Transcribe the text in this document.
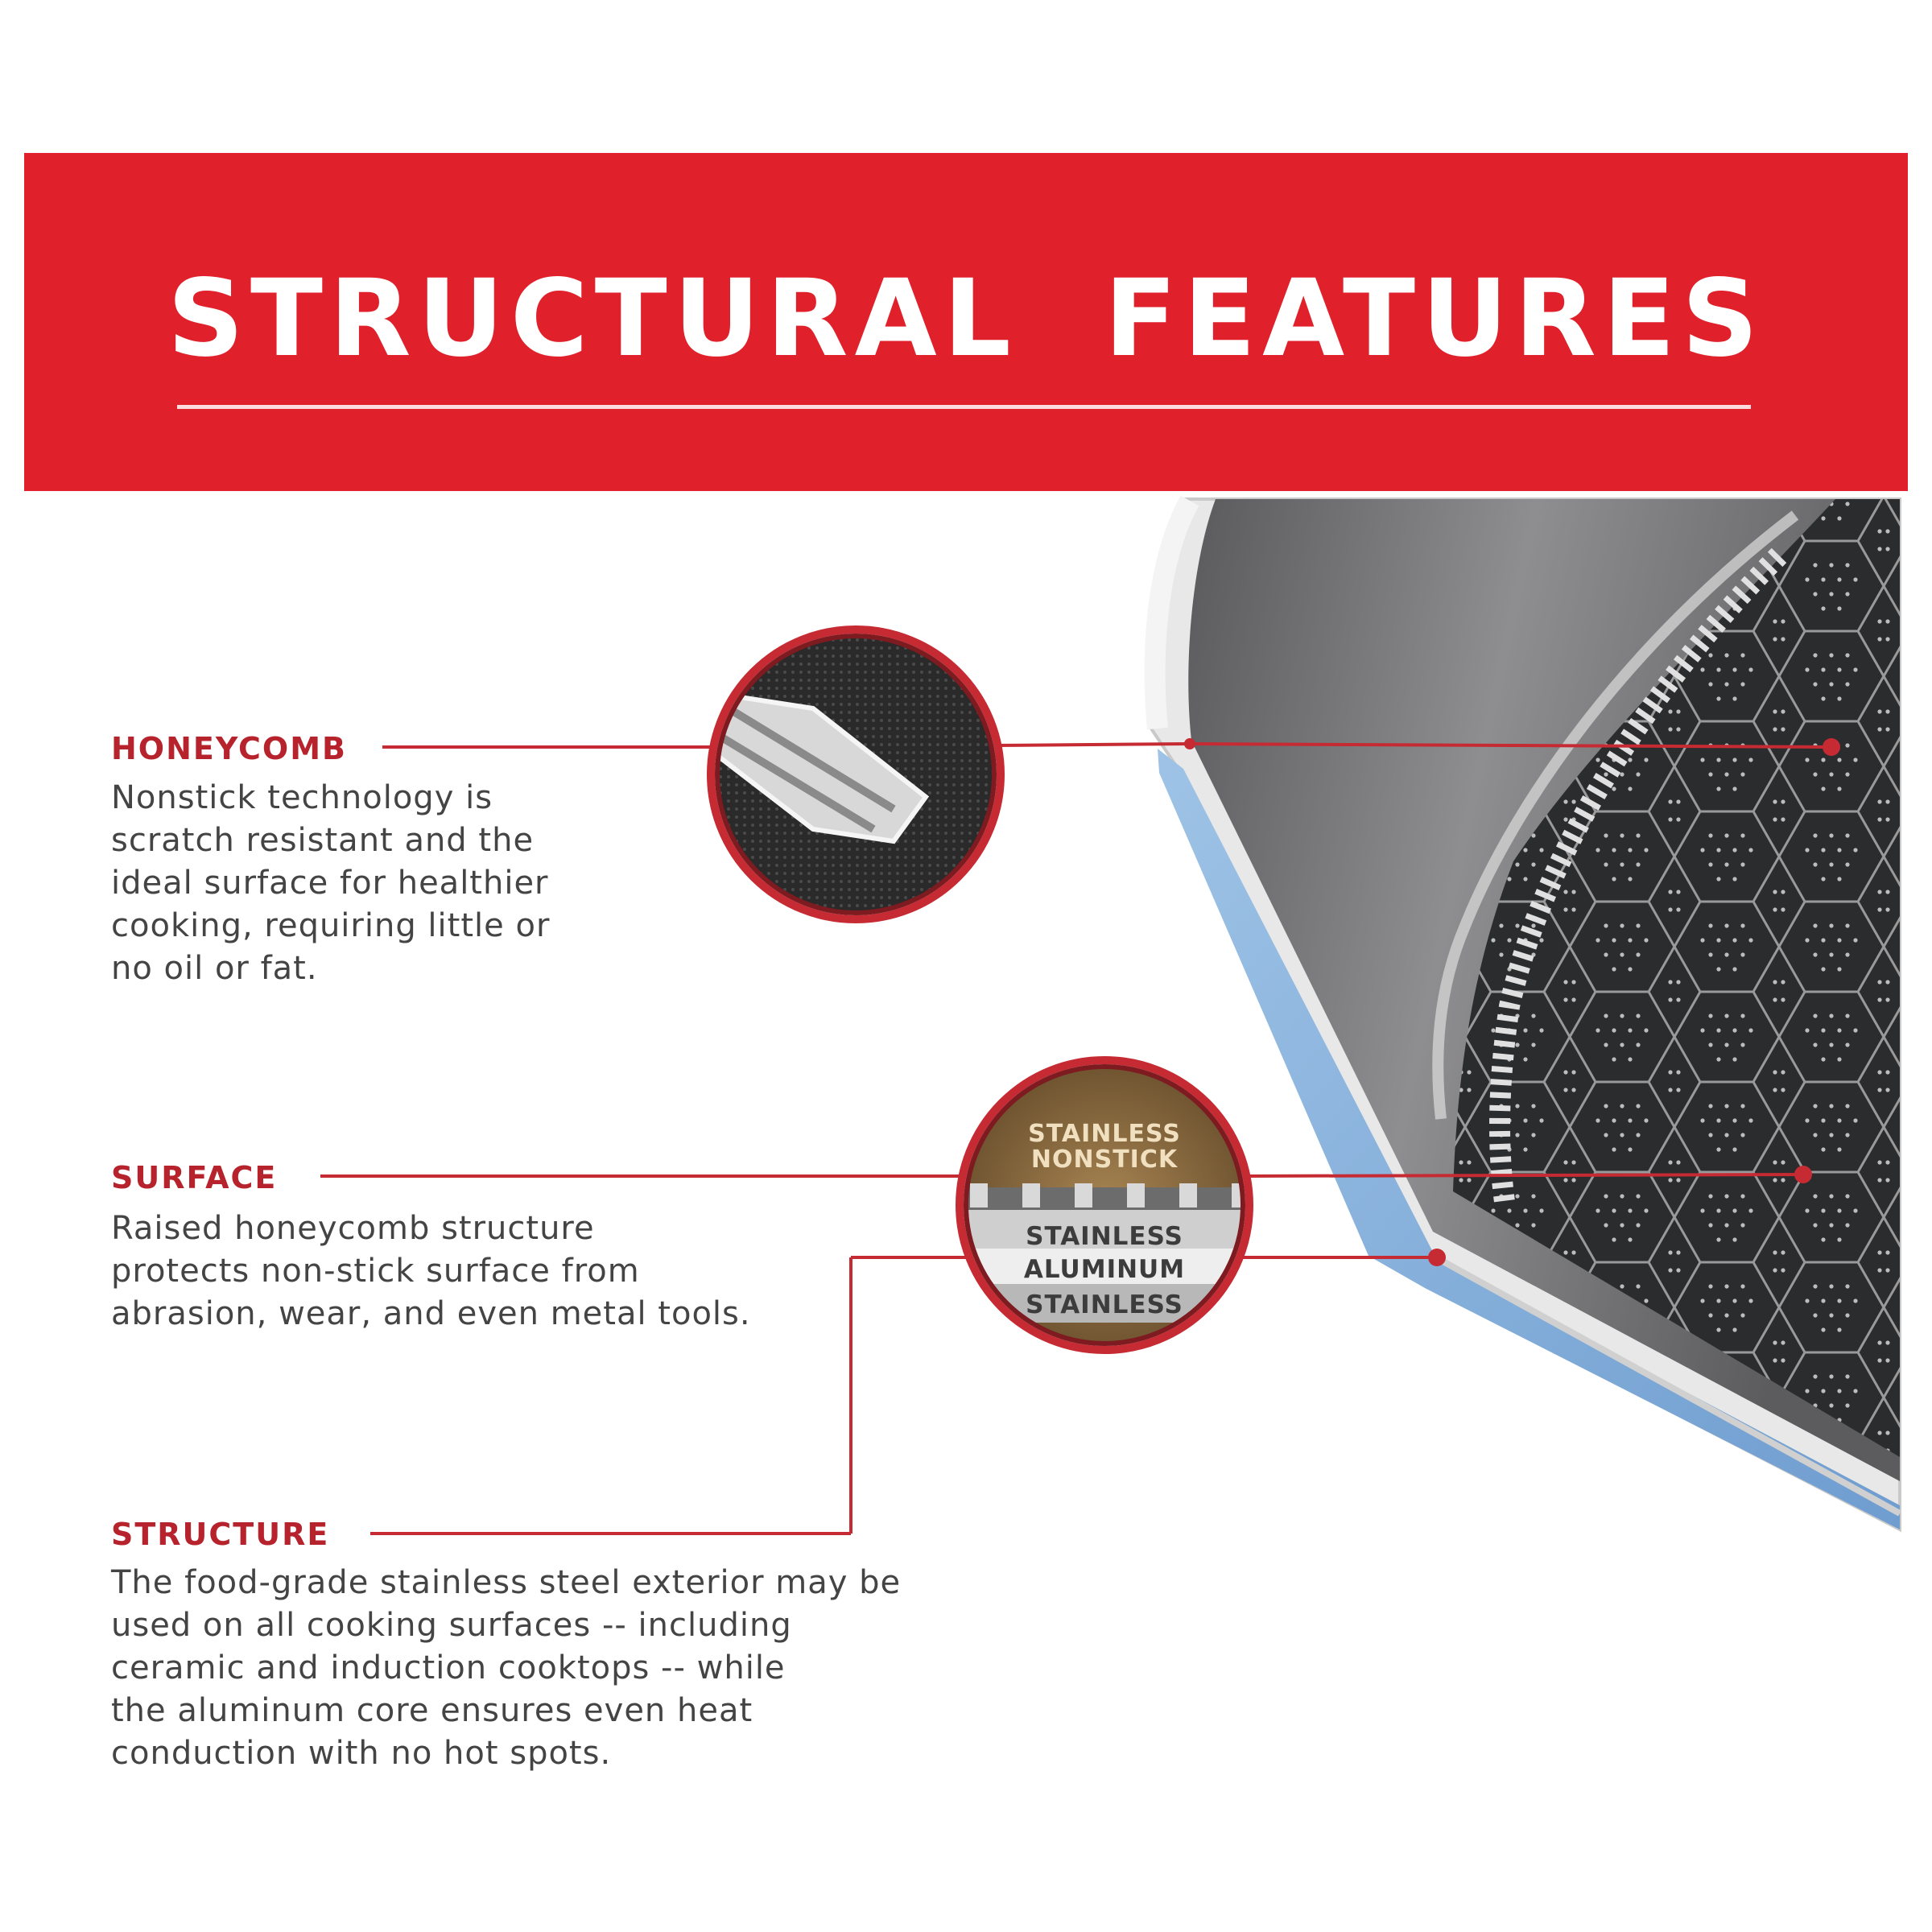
STRUCTURAL  FEATURES
STAINLESS
NONSTICK
STAINLESS
ALUMINUM
STAINLESS
HONEYCOMB
Nonstick technology is
scratch resistant and the
ideal surface for healthier
cooking, requiring little or
no oil or fat.
SURFACE
Raised honeycomb structure
protects non-stick surface from
abrasion, wear, and even metal tools.
STRUCTURE
The food-grade stainless steel exterior may be
used on all cooking surfaces -- including
ceramic and induction cooktops -- while
the aluminum core ensures even heat
conduction with no hot spots.
